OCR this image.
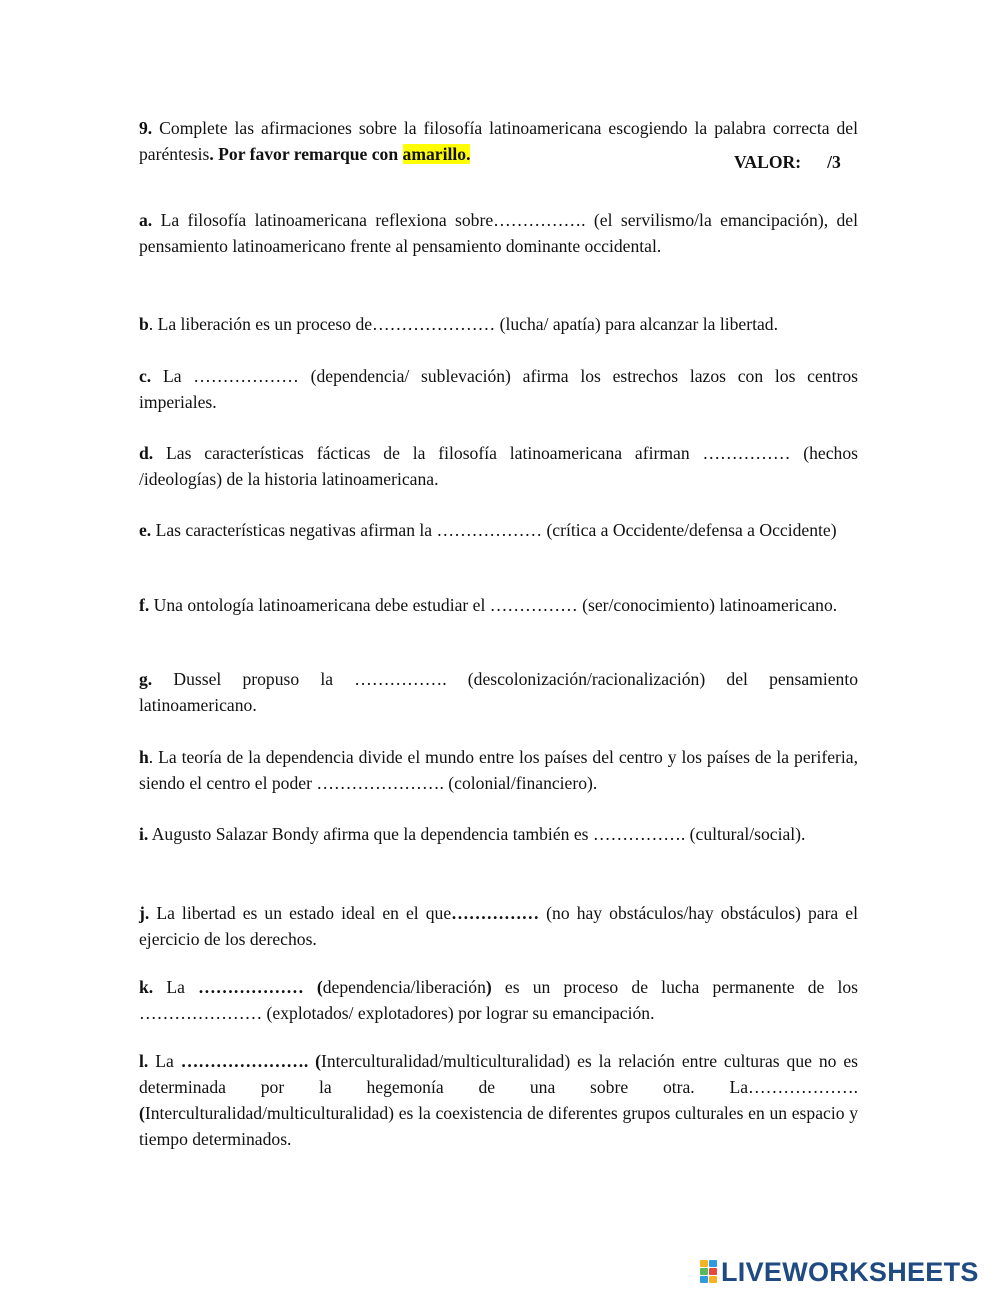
9. Complete las afirmaciones sobre la filosofía latinoamericana escogiendo la palabra correcta del paréntesis. Por favor remarque con amarillo.	VALOR: /3

a. La filosofía latinoamericana reflexiona sobre……………. (el servilismo/la emancipación), del pensamiento latinoamericano frente al pensamiento dominante occidental.

b. La liberación es un proceso de………………… (lucha/ apatía) para alcanzar la libertad.

c. La ……………… (dependencia/ sublevación) afirma los estrechos lazos con los centros imperiales.

d. Las características fácticas de la filosofía latinoamericana afirman …………… (hechos /ideologías) de la historia latinoamericana.

e. Las características negativas afirman la ……………… (crítica a Occidente/defensa a Occidente)

f. Una ontología latinoamericana debe estudiar el …………… (ser/conocimiento) latinoamericano.

g. Dussel propuso la ……………. (descolonización/racionalización) del pensamiento latinoamericano.

h. La teoría de la dependencia divide el mundo entre los países del centro y los países de la periferia, siendo el centro el poder …………………. (colonial/financiero).

i. Augusto Salazar Bondy afirma que la dependencia también es ……………. (cultural/social).

j. La libertad es un estado ideal en el que…………… (no hay obstáculos/hay obstáculos) para el ejercicio de los derechos.

k. La ……………… (dependencia/liberación) es un proceso de lucha permanente de los ………………… (explotados/ explotadores) por lograr su emancipación.

l. La …………………. (Interculturalidad/multiculturalidad) es la relación entre culturas que no es determinada por la hegemonía de una sobre otra. La………………. (Interculturalidad/multiculturalidad) es la coexistencia de diferentes grupos culturales en un espacio y tiempo determinados.

LIVEWORKSHEETS
